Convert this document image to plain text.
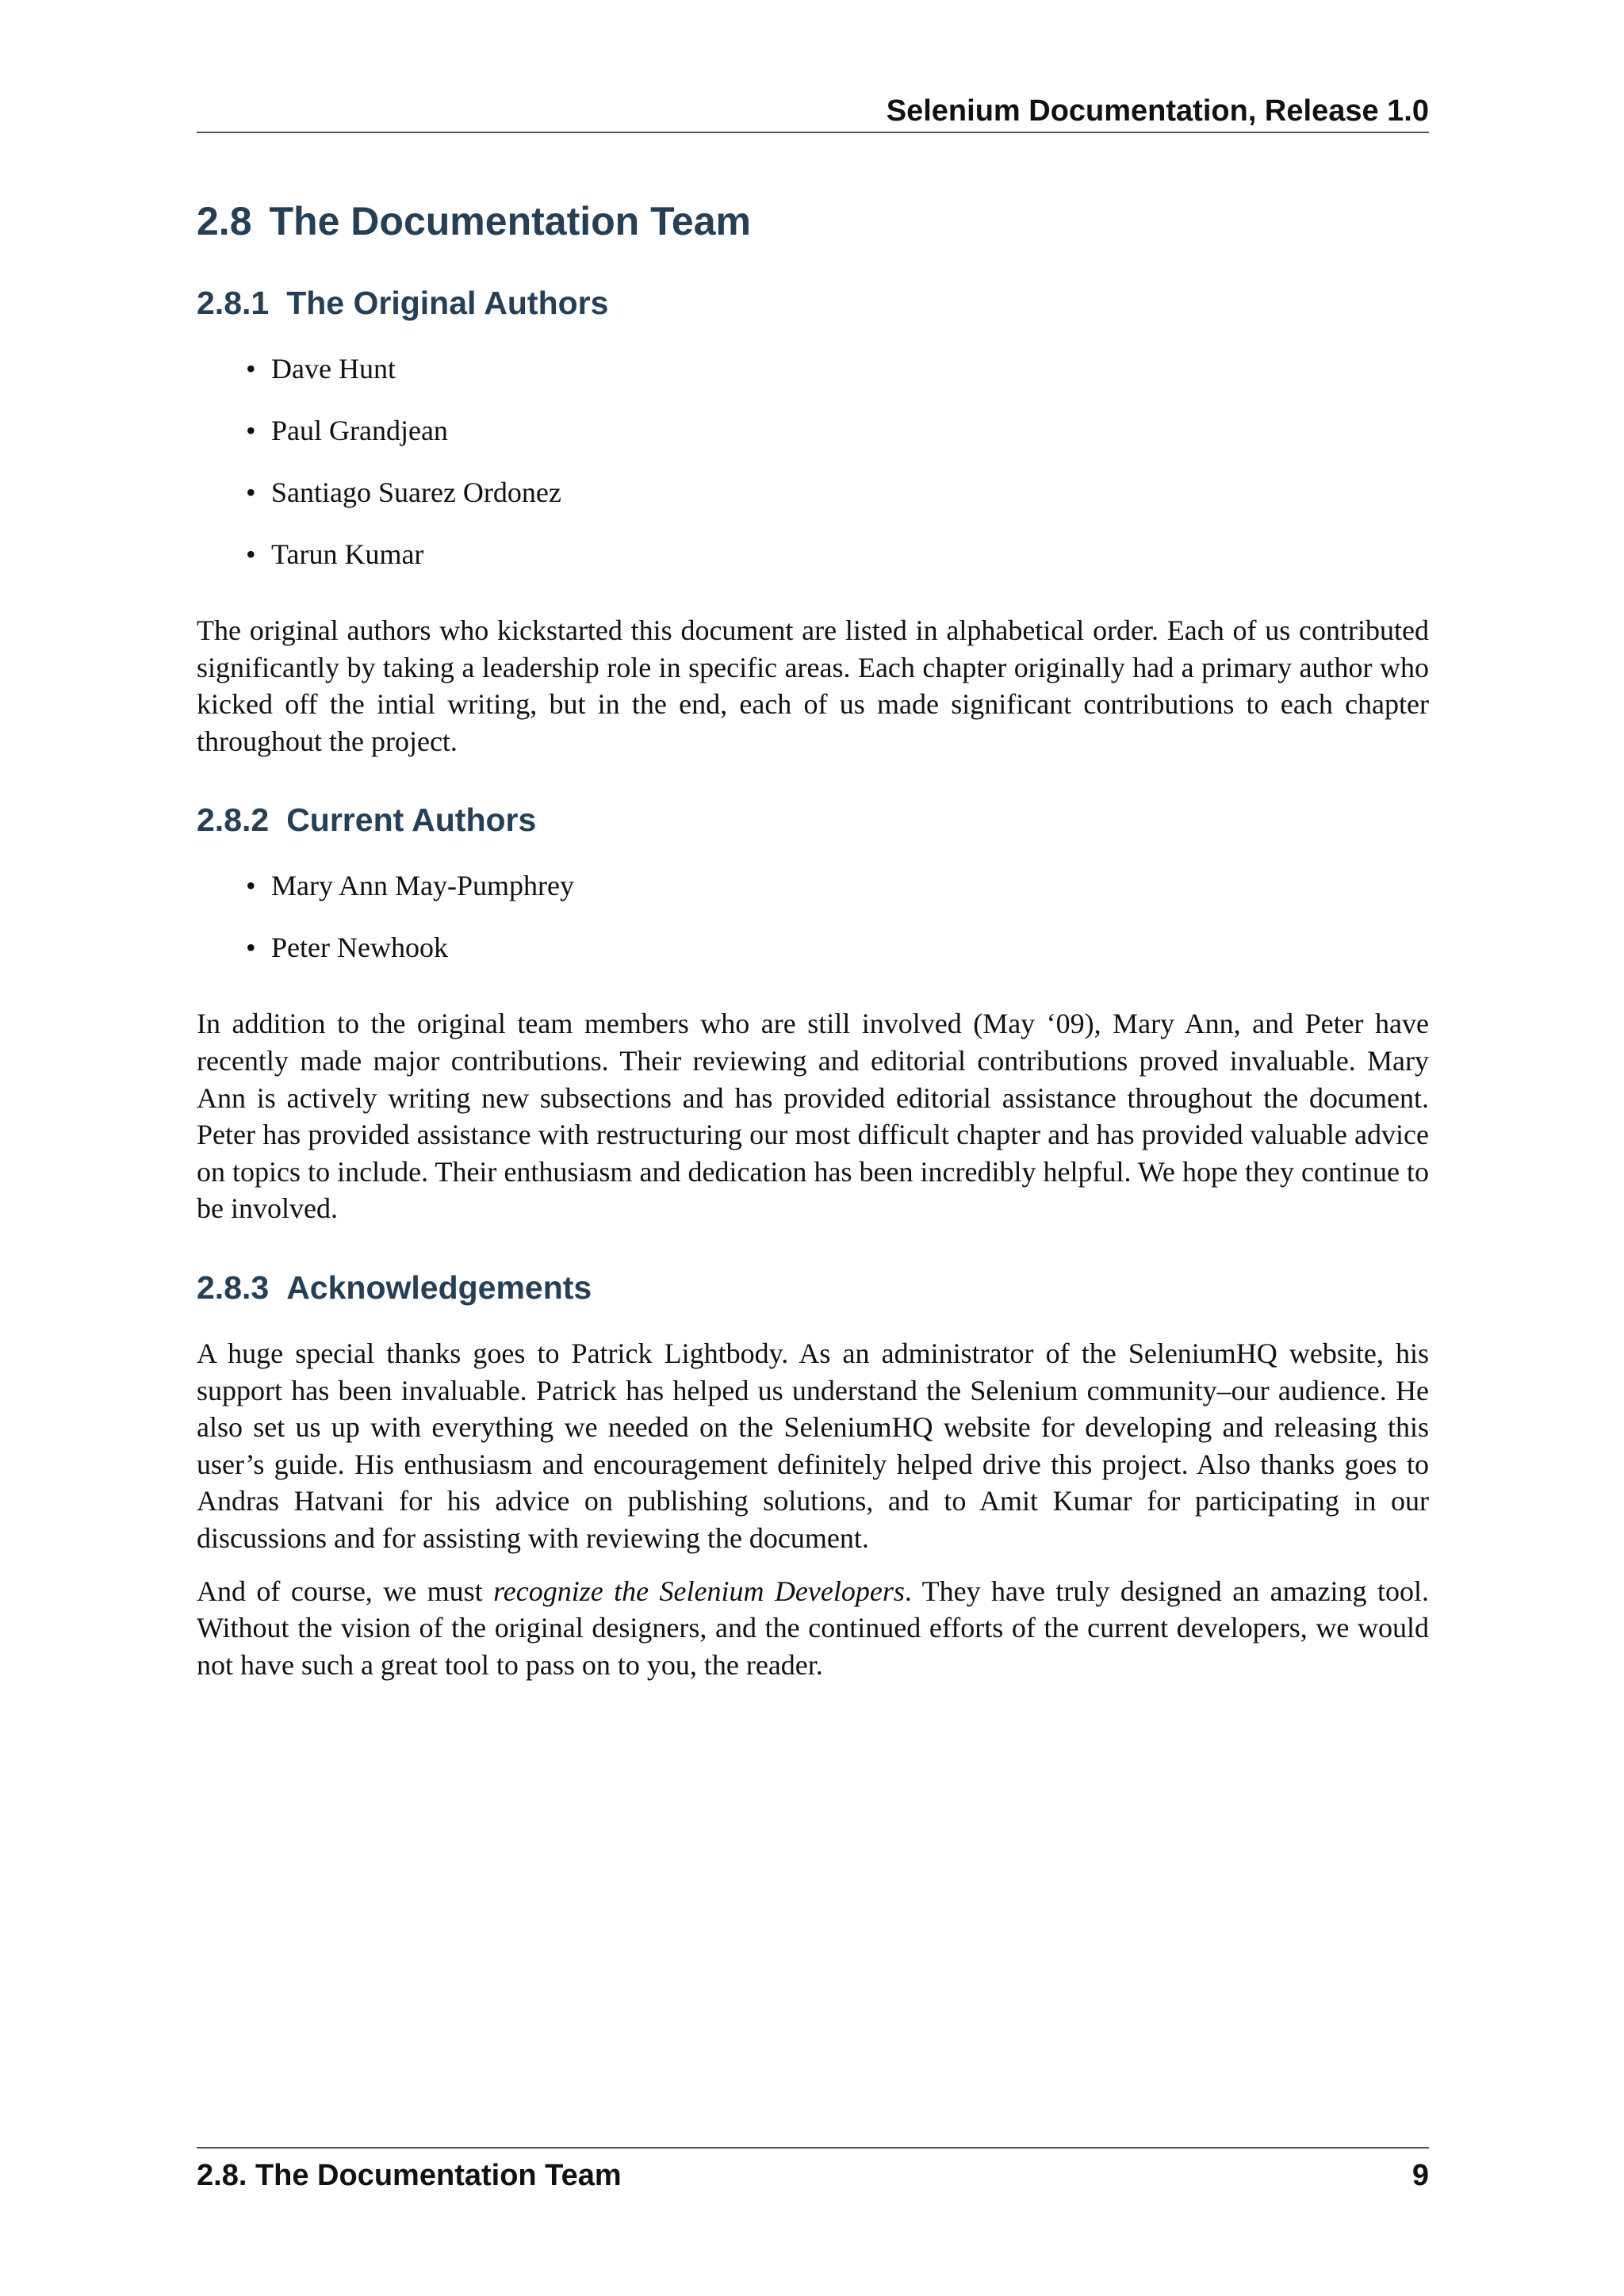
Selenium Documentation, Release 1.0
2.8 The Documentation Team
2.8.1 The Original Authors
• Dave Hunt
• Paul Grandjean
• Santiago Suarez Ordonez
• Tarun Kumar

The original authors who kickstarted this document are listed in alphabetical order. Each of us contributed significantly by taking a leadership role in specific areas. Each chapter originally had a primary author who kicked off the intial writing, but in the end, each of us made significant contributions to each chapter throughout the project.

2.8.2 Current Authors
• Mary Ann May-Pumphrey
• Peter Newhook

In addition to the original team members who are still involved (May ‘09), Mary Ann, and Peter have recently made major contributions. Their reviewing and editorial contributions proved invaluable. Mary Ann is actively writing new subsections and has provided editorial assistance throughout the document. Peter has provided assistance with restructuring our most difficult chapter and has provided valuable advice on topics to include. Their enthusiasm and dedication has been incredibly helpful. We hope they continue to be involved.

2.8.3 Acknowledgements

A huge special thanks goes to Patrick Lightbody. As an administrator of the SeleniumHQ website, his support has been invaluable. Patrick has helped us understand the Selenium community–our audience. He also set us up with everything we needed on the SeleniumHQ website for developing and releasing this user’s guide. His enthusiasm and encouragement definitely helped drive this project. Also thanks goes to Andras Hatvani for his advice on publishing solutions, and to Amit Kumar for participating in our discussions and for assisting with reviewing the document.

And of course, we must recognize the Selenium Developers. They have truly designed an amazing tool. Without the vision of the original designers, and the continued efforts of the current developers, we would not have such a great tool to pass on to you, the reader.

2.8. The Documentation Team	9
